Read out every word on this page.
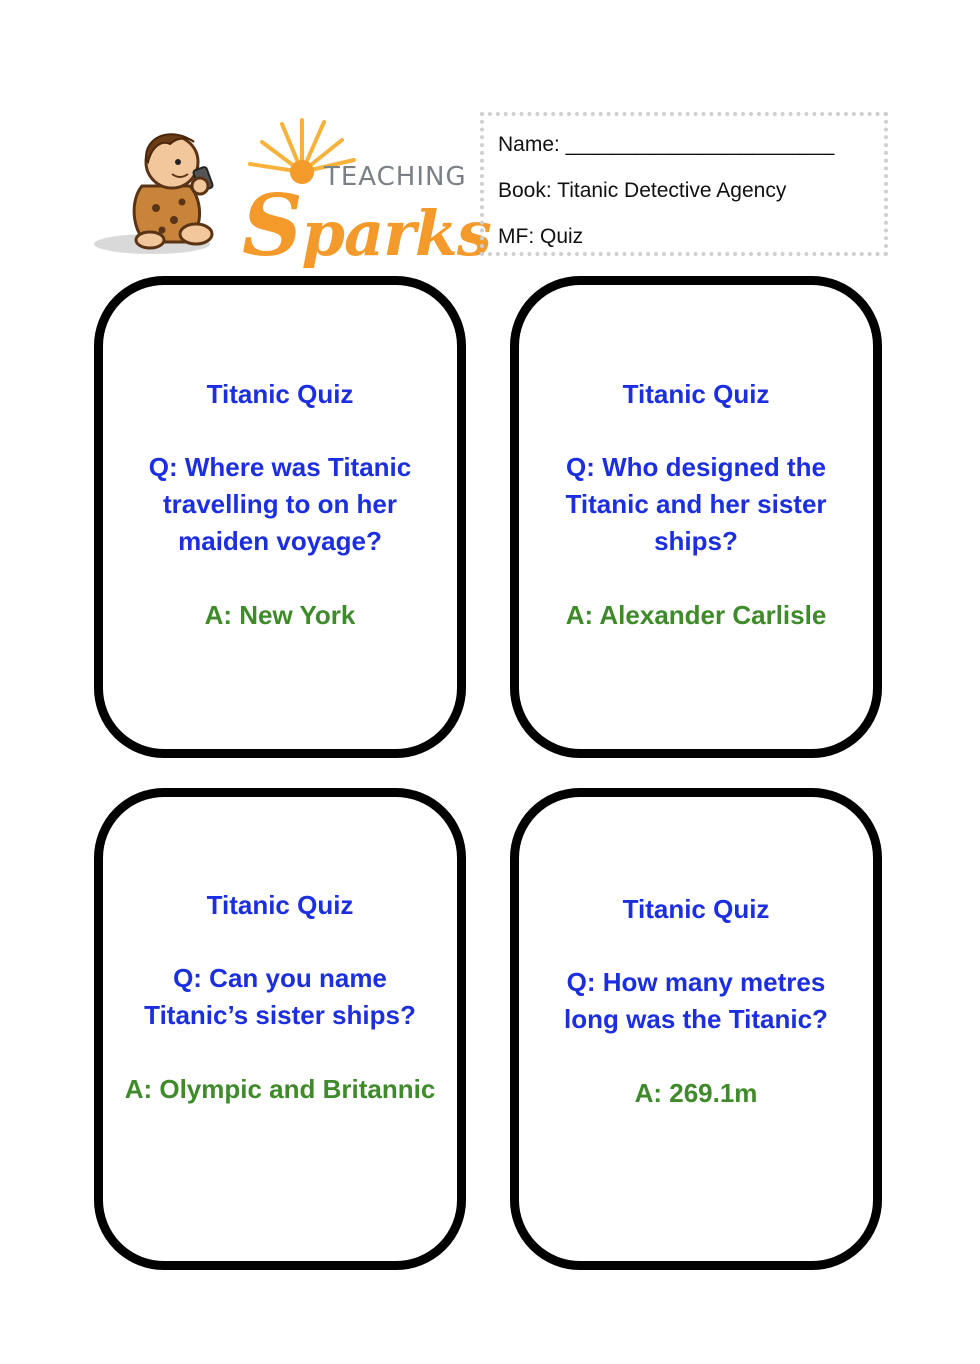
TEACHING
Sparks
Name: _______________________
Book: Titanic Detective Agency
MF: Quiz
Titanic Quiz
Q: Where was Titanic travelling to on her maiden voyage?
A: New York
Titanic Quiz
Q: Who designed the Titanic and her sister ships?
A: Alexander Carlisle
Titanic Quiz
Q: Can you name Titanic’s sister ships?
A: Olympic and Britannic
Titanic Quiz
Q: How many metres long was the Titanic?
A: 269.1m
